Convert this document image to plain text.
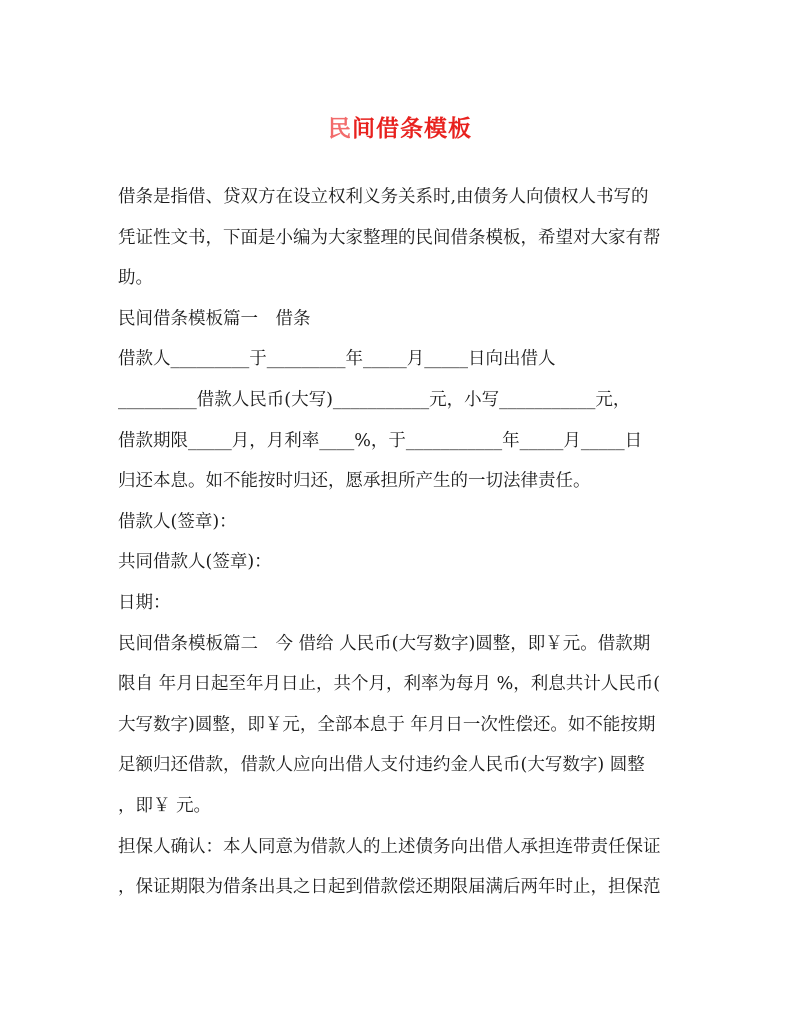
民间借条模板
借条是指借、贷双方在设立权利义务关系时,由债务人向债权人书写的
凭证性文书，下面是小编为大家整理的民间借条模板，希望对大家有帮
助。
民间借条模板篇一　借条
借款人_________于_________年_____月_____日向出借人
_________借款人民币(大写)___________元，小写___________元，
借款期限_____月，月利率____%，于___________年_____月_____日
归还本息。如不能按时归还，愿承担所产生的一切法律责任。
借款人(签章)：
共同借款人(签章)：
日期：
民间借条模板篇二　今 借给 人民币(大写数字)圆整，即￥元。借款期
限自 年月日起至年月日止，共个月，利率为每月 %，利息共计人民币(
大写数字)圆整，即￥元，全部本息于 年月日一次性偿还。如不能按期
足额归还借款，借款人应向出借人支付违约金人民币(大写数字) 圆整
，即￥ 元。
担保人确认：本人同意为借款人的上述债务向出借人承担连带责任保证
，保证期限为借条出具之日起到借款偿还期限届满后两年时止，担保范
